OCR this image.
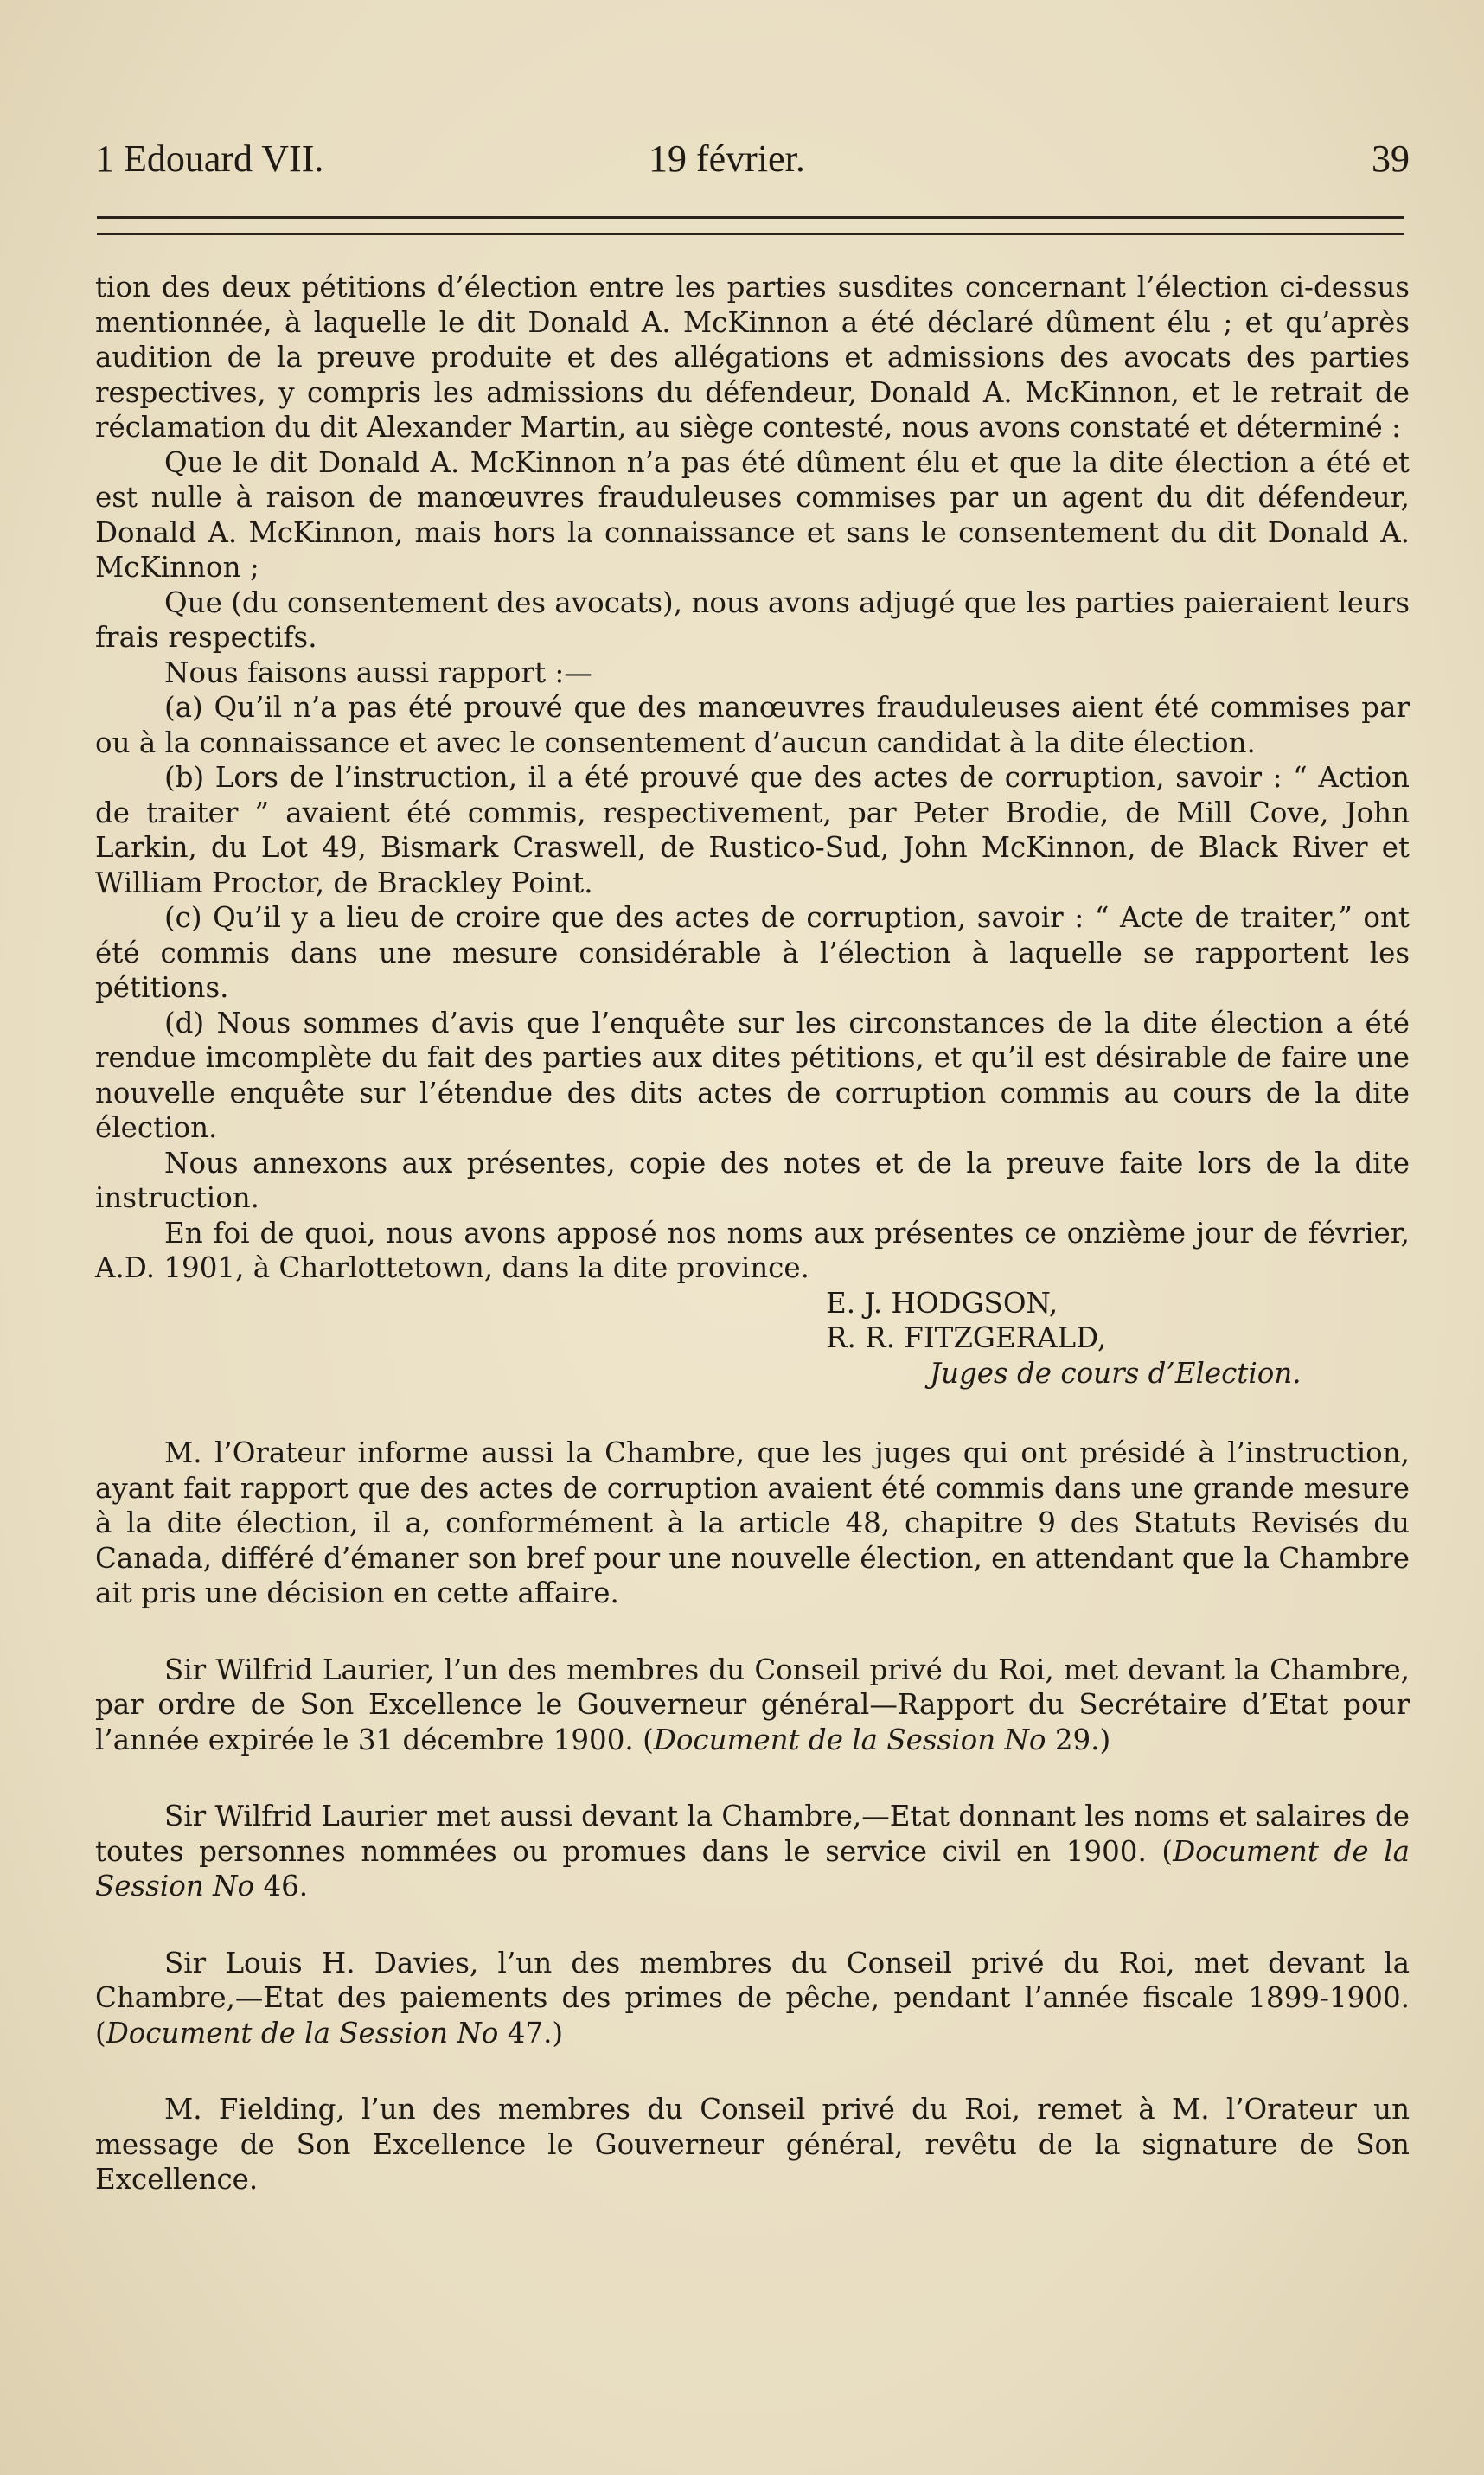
1 Edouard VII.	19 février.	39

tion des deux pétitions d’élection entre les parties susdites concernant l’élection ci-dessus mentionnée, à laquelle le dit Donald A. McKinnon a été déclaré dûment élu ; et qu’après audition de la preuve produite et des allégations et admissions des avocats des parties respectives, y compris les admissions du défendeur, Donald A. McKinnon, et le retrait de réclamation du dit Alexander Martin, au siège contesté, nous avons constaté et déterminé :

Que le dit Donald A. McKinnon n’a pas été dûment élu et que la dite élection a été et est nulle à raison de manœuvres frauduleuses commises par un agent du dit défendeur, Donald A. McKinnon, mais hors la connaissance et sans le consentement du dit Donald A. McKinnon ;

Que (du consentement des avocats), nous avons adjugé que les parties paieraient leurs frais respectifs.

Nous faisons aussi rapport :—

(a) Qu’il n’a pas été prouvé que des manœuvres frauduleuses aient été commises par ou à la connaissance et avec le consentement d’aucun candidat à la dite élection.

(b) Lors de l’instruction, il a été prouvé que des actes de corruption, savoir : “ Action de traiter ” avaient été commis, respectivement, par Peter Brodie, de Mill Cove, John Larkin, du Lot 49, Bismark Craswell, de Rustico-Sud, John McKinnon, de Black River et William Proctor, de Brackley Point.

(c) Qu’il y a lieu de croire que des actes de corruption, savoir : “ Acte de traiter,” ont été commis dans une mesure considérable à l’élection à laquelle se rapportent les pétitions.

(d) Nous sommes d’avis que l’enquête sur les circonstances de la dite élection a été rendue imcomplète du fait des parties aux dites pétitions, et qu’il est désirable de faire une nouvelle enquête sur l’étendue des dits actes de corruption commis au cours de la dite élection.

Nous annexons aux présentes, copie des notes et de la preuve faite lors de la dite instruction.

En foi de quoi, nous avons apposé nos noms aux présentes ce onzième jour de février, A.D. 1901, à Charlottetown, dans la dite province.

E. J. HODGSON,

R. R. FITZGERALD,

Juges de cours d’Election.

M. l’Orateur informe aussi la Chambre, que les juges qui ont présidé à l’instruction, ayant fait rapport que des actes de corruption avaient été commis dans une grande mesure à la dite élection, il a, conformément à la article 48, chapitre 9 des Statuts Revisés du Canada, différé d’émaner son bref pour une nouvelle élection, en attendant que la Chambre ait pris une décision en cette affaire.

Sir Wilfrid Laurier, l’un des membres du Conseil privé du Roi, met devant la Chambre, par ordre de Son Excellence le Gouverneur général—Rapport du Secrétaire d’Etat pour l’année expirée le 31 décembre 1900. (Document de la Session No 29.)

Sir Wilfrid Laurier met aussi devant la Chambre,—Etat donnant les noms et salaires de toutes personnes nommées ou promues dans le service civil en 1900. (Document de la Session No 46.

Sir Louis H. Davies, l’un des membres du Conseil privé du Roi, met devant la Chambre,—Etat des paiements des primes de pêche, pendant l’année fiscale 1899-1900. (Document de la Session No 47.)

M. Fielding, l’un des membres du Conseil privé du Roi, remet à M. l’Orateur un message de Son Excellence le Gouverneur général, revêtu de la signature de Son Excellence.
